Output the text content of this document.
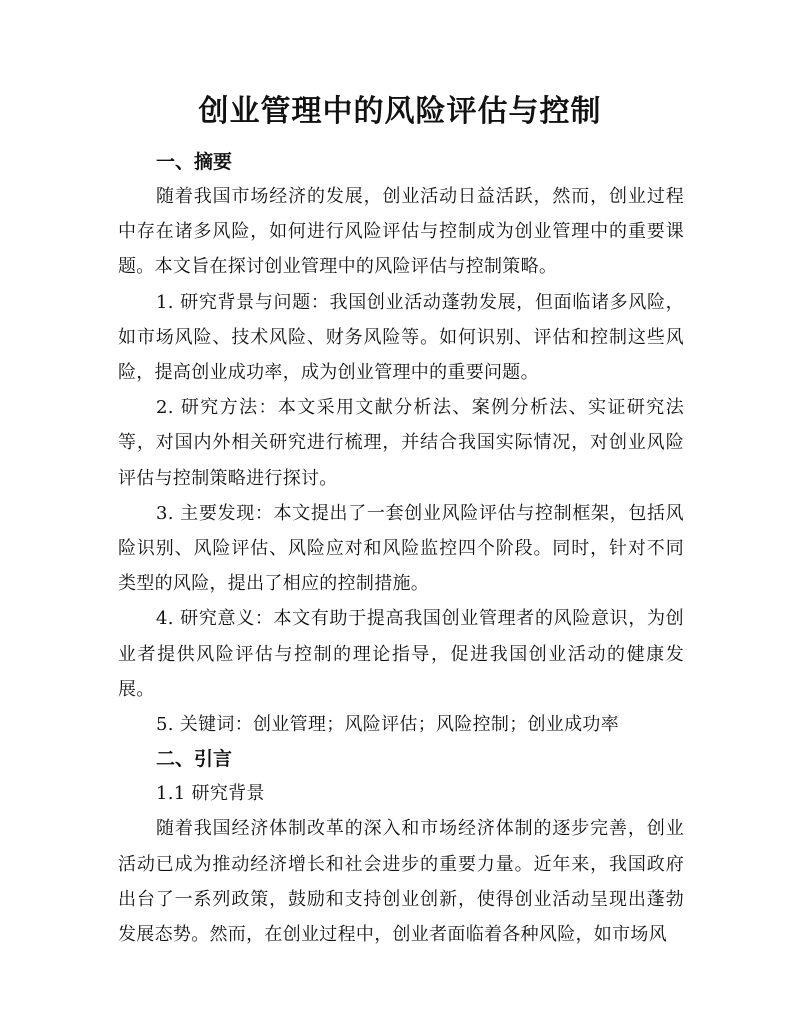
创业管理中的风险评估与控制

一、摘要

随着我国市场经济的发展，创业活动日益活跃，然而，创业过程中存在诸多风险，如何进行风险评估与控制成为创业管理中的重要课题。本文旨在探讨创业管理中的风险评估与控制策略。

1. 研究背景与问题：我国创业活动蓬勃发展，但面临诸多风险，如市场风险、技术风险、财务风险等。如何识别、评估和控制这些风险，提高创业成功率，成为创业管理中的重要问题。

2. 研究方法：本文采用文献分析法、案例分析法、实证研究法等，对国内外相关研究进行梳理，并结合我国实际情况，对创业风险评估与控制策略进行探讨。

3. 主要发现：本文提出了一套创业风险评估与控制框架，包括风险识别、风险评估、风险应对和风险监控四个阶段。同时，针对不同类型的风险，提出了相应的控制措施。

4. 研究意义：本文有助于提高我国创业管理者的风险意识，为创业者提供风险评估与控制的理论指导，促进我国创业活动的健康发展。

5. 关键词：创业管理；风险评估；风险控制；创业成功率

二、引言

1.1 研究背景

随着我国经济体制改革的深入和市场经济体制的逐步完善，创业活动已成为推动经济增长和社会进步的重要力量。近年来，我国政府出台了一系列政策，鼓励和支持创业创新，使得创业活动呈现出蓬勃发展态势。然而，在创业过程中，创业者面临着各种风险，如市场风
